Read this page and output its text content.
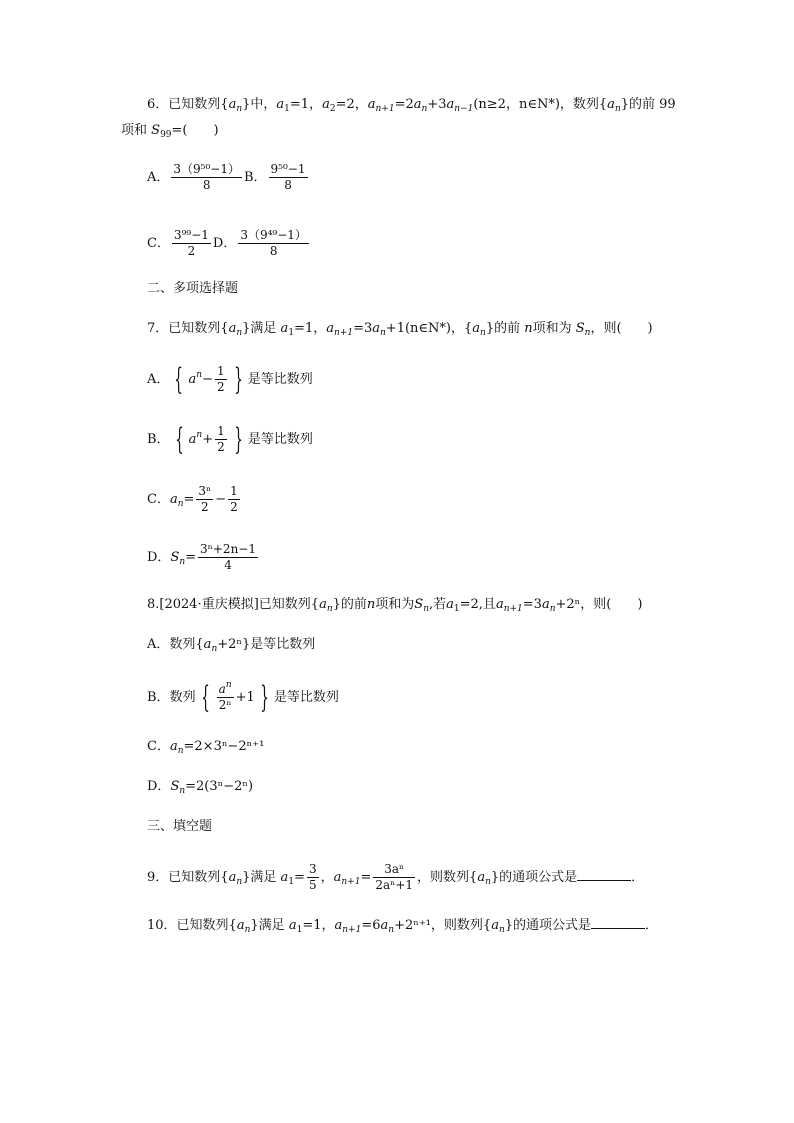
6．已知数列$\{a_n\}$中，$a_1=1$，$a_2=2$，$a_{n+1}=2a_n+3a_{n-1}(n\ge 2$，n∈N*)，数列$\{a_n\}$的前 99
项和 $S_{99}=$(　　)
A． $\frac{\text{3（9⁵⁰−1）}}{8}$ B． $\frac{\text{9⁵⁰−1}}{8}$
C． $\frac{\text{3⁹⁹−1}}{2}$ D． $\frac{\text{3（9⁴⁹−1）}}{8}$
二、多项选择题
7．已知数列$\{a_n\}$满足 $a_1=1$，$a_{n+1}=3a_n+1(n\in N*)$，$\{a_n\}$的前 n项和为 $S_n$，则(　　)
A． { $a^n- \frac{1}{2}$ } 是等比数列
B． { $a^n+ \frac{1}{2}$ } 是等比数列
C．$a_n= \frac{\text{3ⁿ}}{2} - \frac{1}{2}$
D．$S_n= \frac{\text{3ⁿ+2n−1}}{4}$
8.[2024·重庆模拟]已知数列$\{a_n\}$的前n项和为$S_n$,若$a_1=2$,且$a_{n+1}=3a_n+2^n$，则(　　)
A．数列$\{a_n+2^n\}$是等比数列
B．数列 { $\frac{a^n}{\text{2ⁿ}} +1$ } 是等比数列
C．$a_n=2\times 3^n-2^{n+1}$
D．$S_n=2(3^n-2^n)$
三、填空题
9．已知数列$\{a_n\}$满足 $a_1= \frac{3}{5}$ ，$a_{n+1}= \frac{\text{3aⁿ}}{\text{2aⁿ+1}}$ ，则数列$\{a_n\}$的通项公式是	．
10．已知数列$\{a_n\}$满足 $a_1=1$，$a_{n+1}=6a_n+2^{n+1}$，则数列$\{a_n\}$的通项公式是	．
